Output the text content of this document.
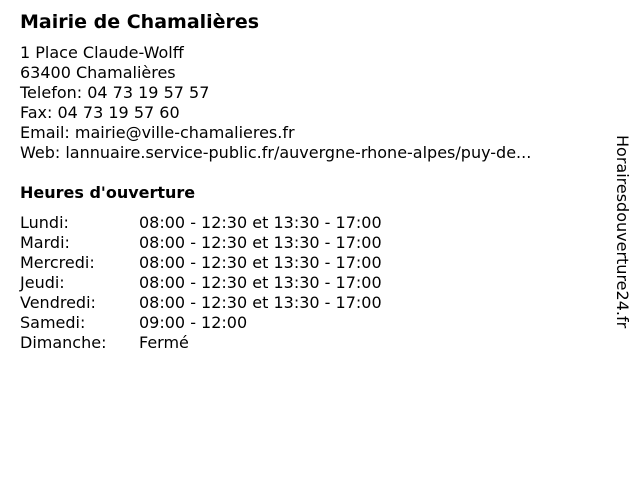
Mairie de Chamalières
1 Place Claude-Wolff
63400 Chamalières
Telefon: 04 73 19 57 57
Fax: 04 73 19 57 60
Email: mairie@ville-chamalieres.fr
Web: lannuaire.service-public.fr/auvergne-rhone-alpes/puy-de...
Heures d'ouverture
Lundi:	08:00 - 12:30 et 13:30 - 17:00
Mardi:	08:00 - 12:30 et 13:30 - 17:00
Mercredi:	08:00 - 12:30 et 13:30 - 17:00
Jeudi:	08:00 - 12:30 et 13:30 - 17:00
Vendredi:	08:00 - 12:30 et 13:30 - 17:00
Samedi:	09:00 - 12:00
Dimanche: Fermé
Horairesdouverture24.fr
